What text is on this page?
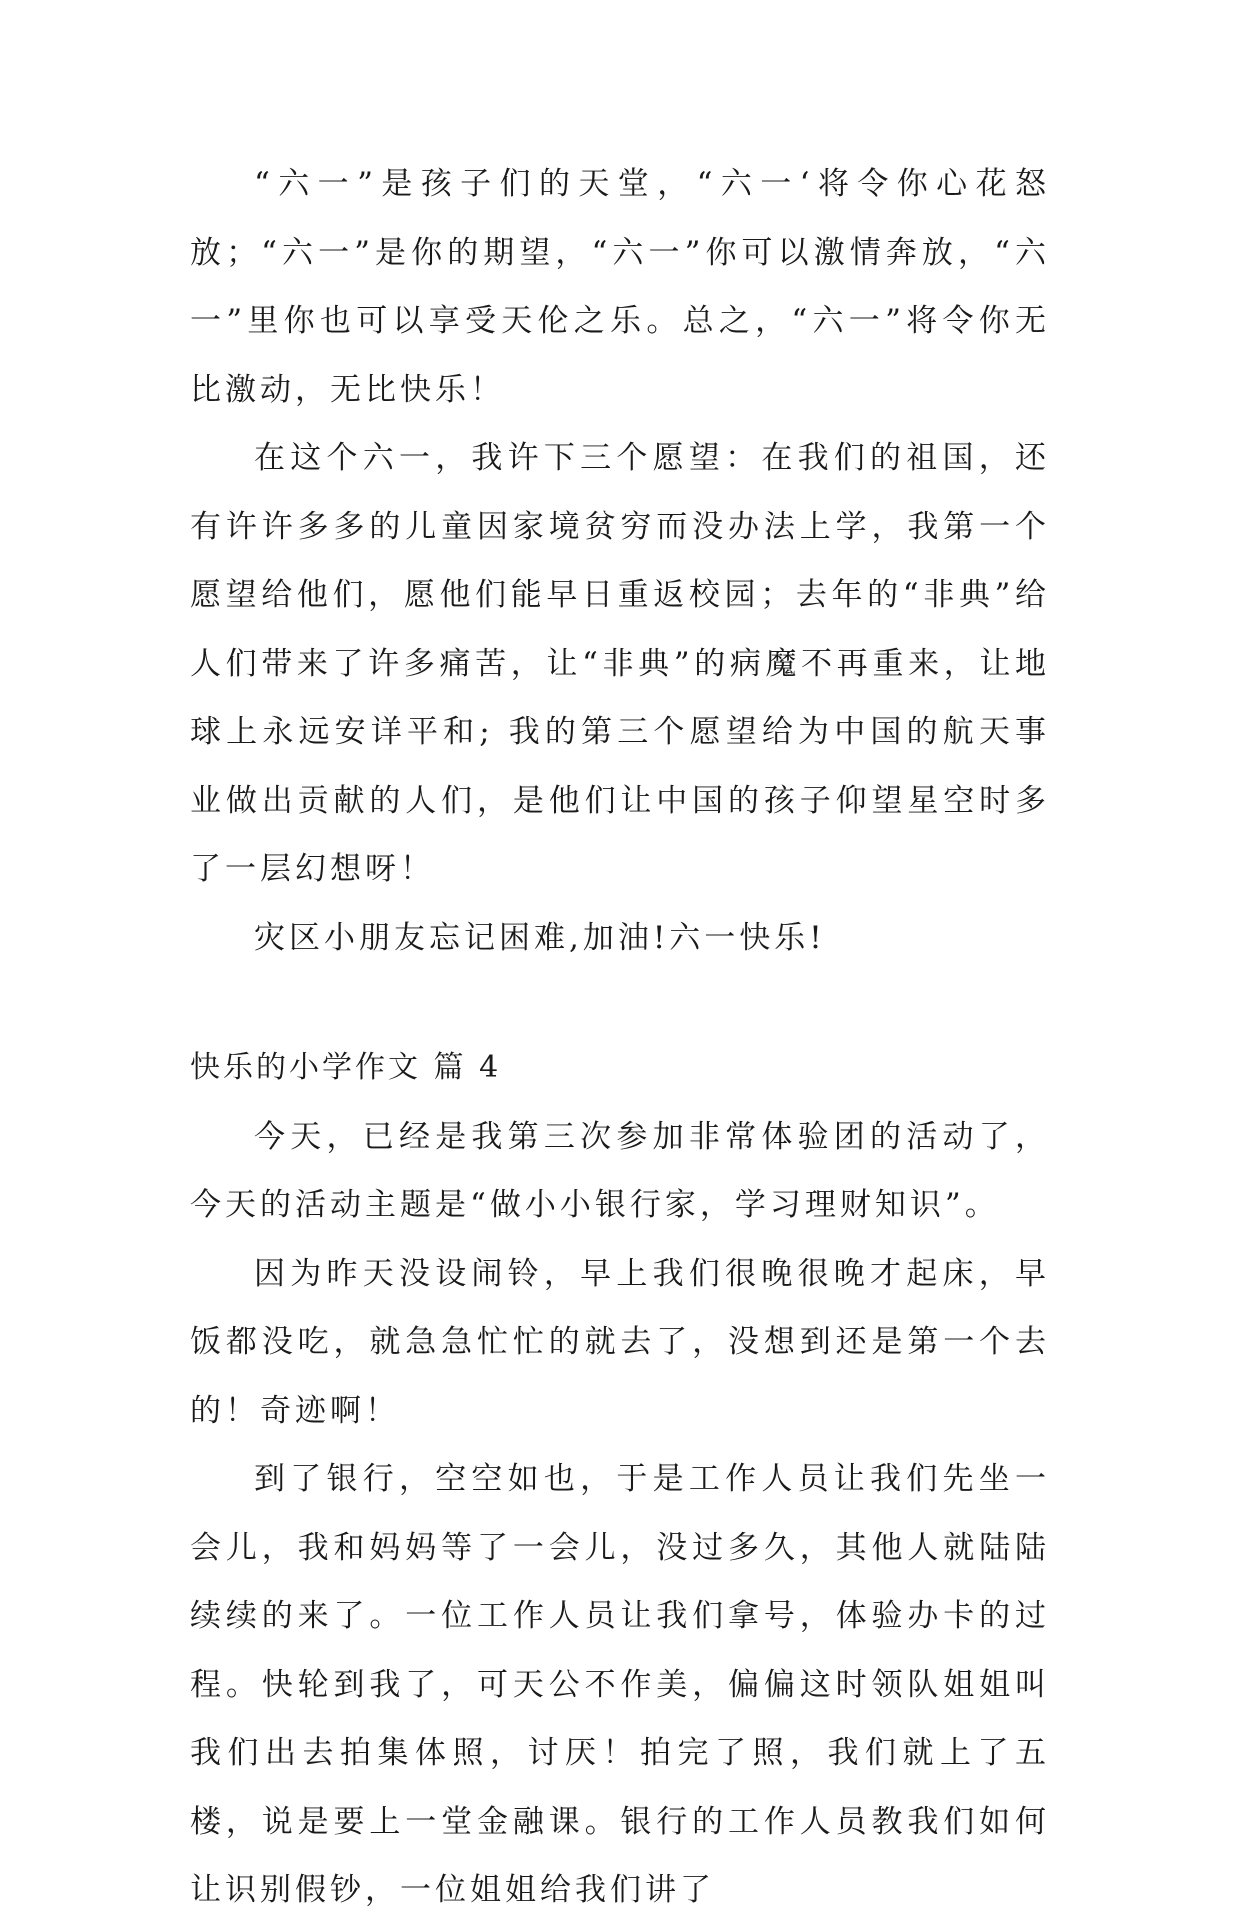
“六一”是孩子们的天堂，“六一‘将令你心花怒放；“六一”是你的期望，“六一”你可以激情奔放，“六一”里你也可以享受天伦之乐。总之，“六一”将令你无比激动，无比快乐！

在这个六一，我许下三个愿望：在我们的祖国，还有许许多多的儿童因家境贫穷而没办法上学，我第一个愿望给他们，愿他们能早日重返校园；去年的“非典”给人们带来了许多痛苦，让“非典”的病魔不再重来，让地球上永远安详平和; 我的第三个愿望给为中国的航天事业做出贡献的人们，是他们让中国的孩子仰望星空时多了一层幻想呀！

灾区小朋友忘记困难,加油!六一快乐!

快乐的小学作文 篇 4

今天，已经是我第三次参加非常体验团的活动了，今天的活动主题是“做小小银行家，学习理财知识”。

因为昨天没设闹铃，早上我们很晚很晚才起床，早饭都没吃，就急急忙忙的就去了，没想到还是第一个去的！奇迹啊！

到了银行，空空如也，于是工作人员让我们先坐一会儿，我和妈妈等了一会儿，没过多久，其他人就陆陆续续的来了。一位工作人员让我们拿号，体验办卡的过程。快轮到我了，可天公不作美，偏偏这时领队姐姐叫我们出去拍集体照，讨厌！拍完了照，我们就上了五楼，说是要上一堂金融课。银行的工作人员教我们如何让识别假钞，一位姐姐给我们讲了
